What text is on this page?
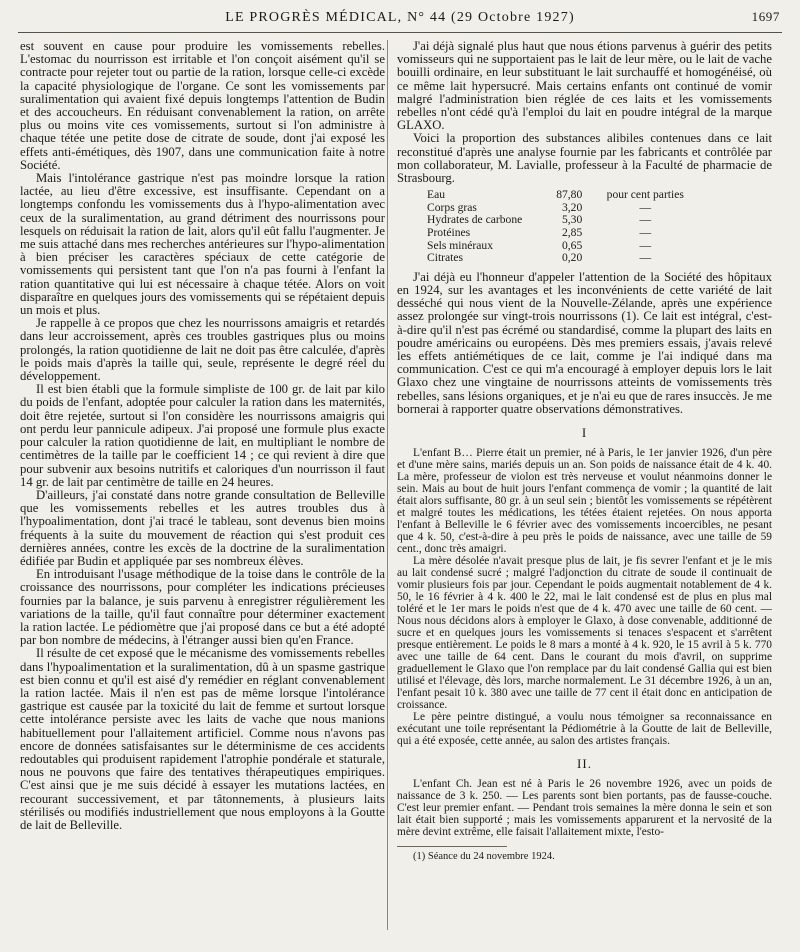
LE PROGRÈS MÉDICAL, N° 44 (29 Octobre 1927)	1697

est souvent en cause pour produire les vomissements rebelles. L'estomac du nourrisson est irritable et l'on conçoit aisément qu'il se contracte pour rejeter tout ou partie de la ration, lorsque celle-ci excède la capacité physiologique de l'organe. Ce sont les vomissements par suralimentation qui avaient fixé depuis longtemps l'attention de Budin et des accoucheurs. En réduisant convenablement la ration, on arrête plus ou moins vite ces vomissements, surtout si l'on administre à chaque tétée une petite dose de citrate de soude, dont j'ai exposé les effets anti-émétiques, dès 1907, dans une communication faite à notre Société.

Mais l'intolérance gastrique n'est pas moindre lorsque la ration lactée, au lieu d'être excessive, est insuffisante. Cependant on a longtemps confondu les vomissements dus à l'hypo-alimentation avec ceux de la suralimentation, au grand détriment des nourrissons pour lesquels on réduisait la ration de lait, alors qu'il eût fallu l'augmenter. Je me suis attaché dans mes recherches antérieures sur l'hypo-alimentation à bien préciser les caractères spéciaux de cette catégorie de vomissements qui persistent tant que l'on n'a pas fourni à l'enfant la ration quantitative qui lui est nécessaire à chaque tétée. Alors on voit disparaître en quelques jours des vomissements qui se répétaient depuis un mois et plus.

Je rappelle à ce propos que chez les nourrissons amaigris et retardés dans leur accroissement, après ces troubles gastriques plus ou moins prolongés, la ration quotidienne de lait ne doit pas être calculée, d'après le poids mais d'après la taille qui, seule, représente le degré réel du développement.

Il est bien établi que la formule simpliste de 100 gr. de lait par kilo du poids de l'enfant, adoptée pour calculer la ration dans les maternités, doit être rejetée, surtout si l'on considère les nourrissons amaigris qui ont perdu leur pannicule adipeux. J'ai proposé une formule plus exacte pour calculer la ration quotidienne de lait, en multipliant le nombre de centimètres de la taille par le coefficient 14 ; ce qui revient à dire que pour subvenir aux besoins nutritifs et caloriques d'un nourrisson il faut 14 gr. de lait par centimètre de taille en 24 heures.

D'ailleurs, j'ai constaté dans notre grande consultation de Belleville que les vomissements rebelles et les autres troubles dus à l'hypoalimentation, dont j'ai tracé le tableau, sont devenus bien moins fréquents à la suite du mouvement de réaction qui s'est produit ces dernières années, contre les excès de la doctrine de la suralimentation édifiée par Budin et appliquée par ses nombreux élèves.

En introduisant l'usage méthodique de la toise dans le contrôle de la croissance des nourrissons, pour compléter les indications précieuses fournies par la balance, je suis parvenu à enregistrer régulièrement les variations de la taille, qu'il faut connaître pour déterminer exactement la ration lactée. Le pédiomètre que j'ai proposé dans ce but a été adopté par bon nombre de médecins, à l'étranger aussi bien qu'en France.

Il résulte de cet exposé que le mécanisme des vomissements rebelles dans l'hypoalimentation et la suralimentation, dû à un spasme gastrique est bien connu et qu'il est aisé d'y remédier en réglant convenablement la ration lactée. Mais il n'en est pas de même lorsque l'intolérance gastrique est causée par la toxicité du lait de femme et surtout lorsque cette intolérance persiste avec les laits de vache que nous manions habituellement pour l'allaitement artificiel. Comme nous n'avons pas encore de données satisfaisantes sur le déterminisme de ces accidents redoutables qui produisent rapidement l'atrophie pondérale et staturale, nous ne pouvons que faire des tentatives thérapeutiques empiriques. C'est ainsi que je me suis décidé à essayer les mutations lactées, en recourant successivement, et par tâtonnements, à plusieurs laits stérilisés ou modifiés industriellement que nous employons à la Goutte de lait de Belleville.

J'ai déjà signalé plus haut que nous étions parvenus à guérir des petits vomisseurs qui ne supportaient pas le lait de leur mère, ou le lait de vache bouilli ordinaire, en leur substituant le lait surchauffé et homogénéisé, où ce même lait hypersucré. Mais certains enfants ont continué de vomir malgré l'administration bien réglée de ces laits et les vomissements rebelles n'ont cédé qu'à l'emploi du lait en poudre intégral de la marque GLAXO.

Voici la proportion des substances alibiles contenues dans ce lait reconstitué d'après une analyse fournie par les fabricants et contrôlée par mon collaborateur, M. Lavialle, professeur à la Faculté de pharmacie de Strasbourg.

Eau	87,80	pour cent parties
Corps gras	3,20	—
Hydrates de carbone	5,30	—
Protéines	2,85	—
Sels minéraux	0,65	—
Citrates	0,20	—

J'ai déjà eu l'honneur d'appeler l'attention de la Société des hôpitaux en 1924, sur les avantages et les inconvénients de cette variété de lait desséché qui nous vient de la Nouvelle-Zélande, après une expérience assez prolongée sur vingt-trois nourrissons (1). Ce lait est intégral, c'est-à-dire qu'il n'est pas écrémé ou standardisé, comme la plupart des laits en poudre américains ou européens. Dès mes premiers essais, j'avais relevé les effets antiémétiques de ce lait, comme je l'ai indiqué dans ma communication. C'est ce qui m'a encouragé à employer depuis lors le lait Glaxo chez une vingtaine de nourrissons atteints de vomissements très rebelles, sans lésions organiques, et je n'ai eu que de rares insuccès. Je me bornerai à rapporter quatre observations démonstratives.

I

L'enfant B… Pierre était un premier, né à Paris, le 1er janvier 1926, d'un père et d'une mère sains, mariés depuis un an. Son poids de naissance était de 4 k. 40. La mère, professeur de violon est très nerveuse et voulut néanmoins donner le sein. Mais au bout de huit jours l'enfant commença de vomir ; la quantité de lait était alors suffisante, 80 gr. à un seul sein ; bientôt les vomissements se répétèrent et malgré toutes les médications, les tétées étaient rejetées. On nous apporta l'enfant à Belleville le 6 février avec des vomissements incoercibles, ne pesant que 4 k. 50, c'est-à-dire à peu près le poids de naissance, avec une taille de 59 cent., donc très amaigri.

La mère désolée n'avait presque plus de lait, je fis sevrer l'enfant et je le mis au lait condensé sucré ; malgré l'adjonction du citrate de soude il continuait de vomir plusieurs fois par jour. Cependant le poids augmentait notablement de 4 k. 50, le 16 février à 4 k. 400 le 22, mai le lait condensé est de plus en plus mal toléré et le 1er mars le poids n'est que de 4 k. 470 avec une taille de 60 cent. — Nous nous décidons alors à employer le Glaxo, à dose convenable, additionné de sucre et en quelques jours les vomissements si tenaces s'espacent et s'arrêtent presque entièrement. Le poids le 8 mars a monté à 4 k. 920, le 15 avril à 5 k. 770 avec une taille de 64 cent. Dans le courant du mois d'avril, on supprime graduellement le Glaxo que l'on remplace par du lait condensé Gallia qui est bien utilisé et l'élevage, dès lors, marche normalement. Le 31 décembre 1926, à un an, l'enfant pesait 10 k. 380 avec une taille de 77 cent il était donc en anticipation de croissance.

Le père peintre distingué, a voulu nous témoigner sa reconnaissance en exécutant une toile représentant la Pédiométrie à la Goutte de lait de Belleville, qui a été exposée, cette année, au salon des artistes français.

II.

L'enfant Ch. Jean est né à Paris le 26 novembre 1926, avec un poids de naissance de 3 k. 250. — Les parents sont bien portants, pas de fausse-couche. C'est leur premier enfant. — Pendant trois semaines la mère donna le sein et son lait était bien supporté ; mais les vomissements apparurent et la nervosité de la mère devint extrême, elle faisait l'allaitement mixte, l'esto-

(1) Séance du 24 novembre 1924.
